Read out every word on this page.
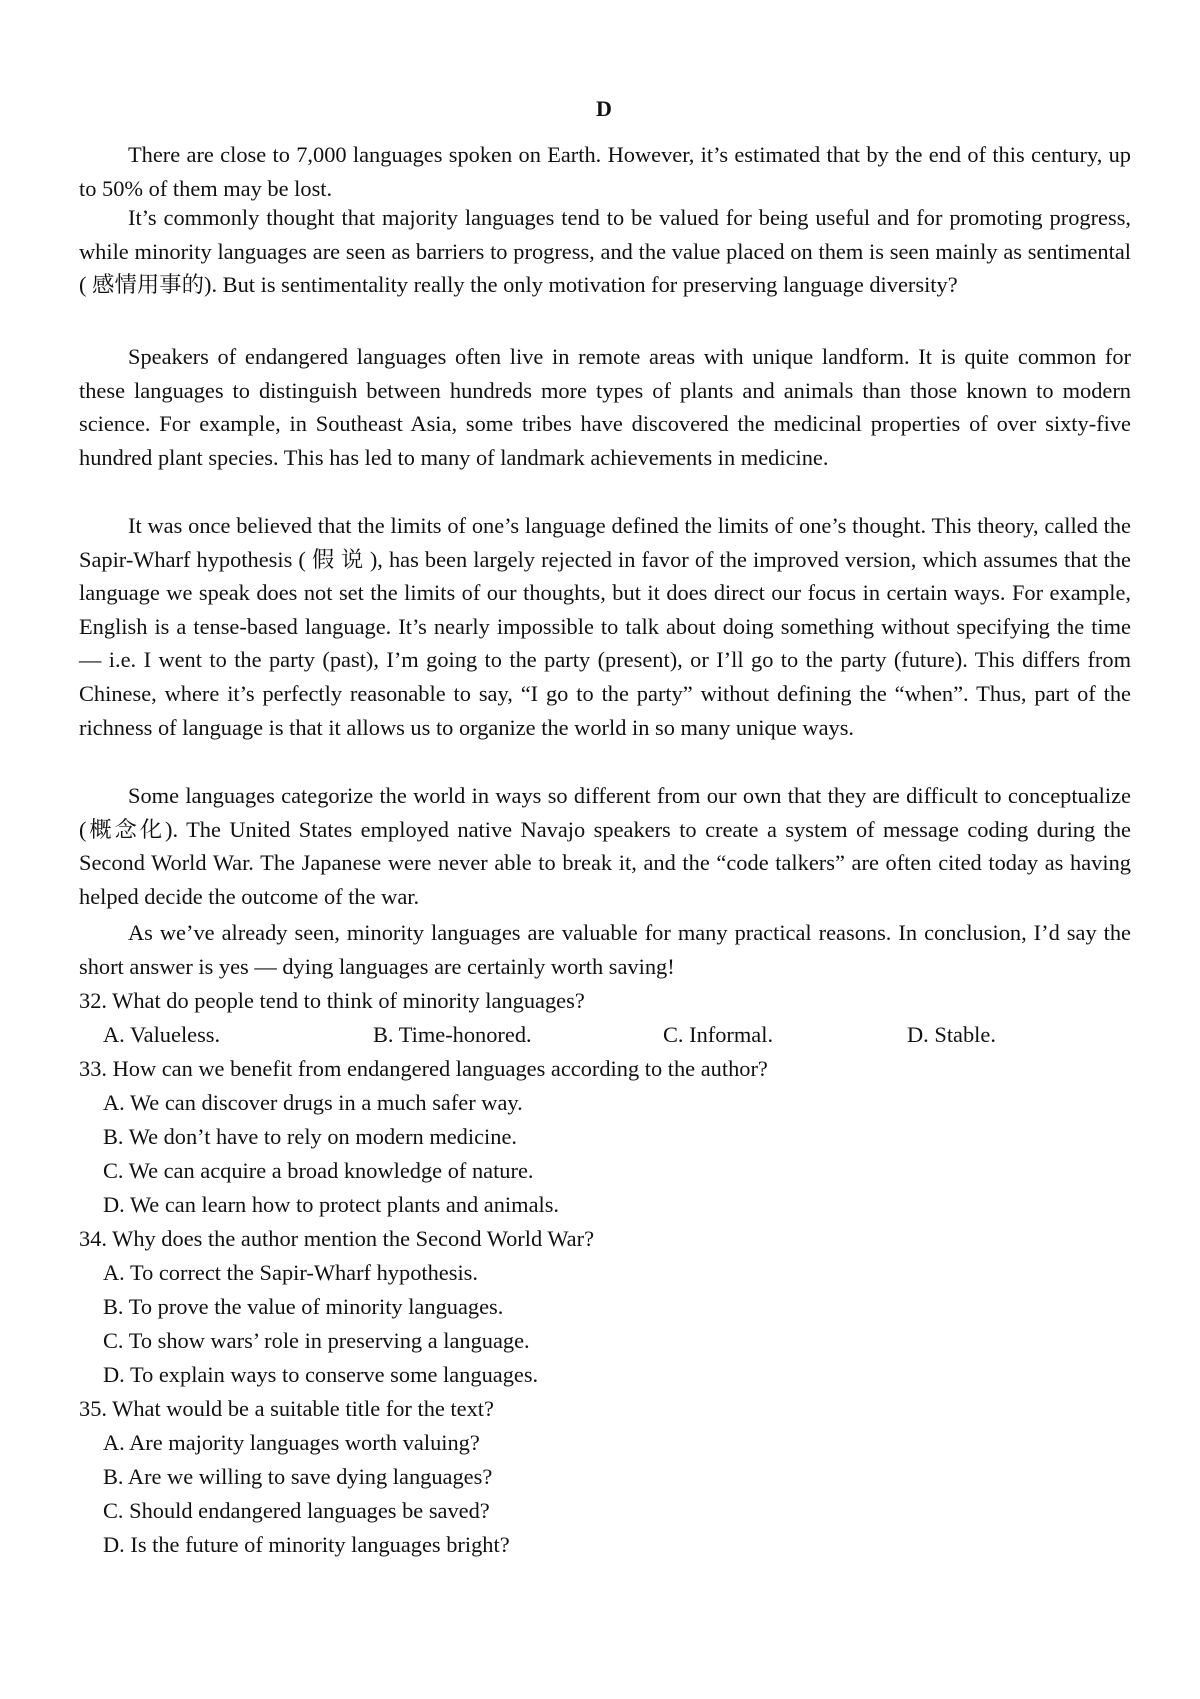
D

There are close to 7,000 languages spoken on Earth. However, it’s estimated that by the end of this century, up to 50% of them may be lost.

It’s commonly thought that majority languages tend to be valued for being useful and for promoting progress, while minority languages are seen as barriers to progress, and the value placed on them is seen mainly as sentimental ( 感情用事的). But is sentimentality really the only motivation for preserving language diversity?

Speakers of endangered languages often live in remote areas with unique landform. It is quite common for these languages to distinguish between hundreds more types of plants and animals than those known to modern science. For example, in Southeast Asia, some tribes have discovered the medicinal properties of over sixty-five hundred plant species. This has led to many of landmark achievements in medicine.

It was once believed that the limits of one’s language defined the limits of one’s thought. This theory, called the Sapir-Wharf hypothesis ( 假 说 ), has been largely rejected in favor of the improved version, which assumes that the language we speak does not set the limits of our thoughts, but it does direct our focus in certain ways. For example, English is a tense-based language. It’s nearly impossible to talk about doing something without specifying the time — i.e. I went to the party (past), I’m going to the party (present), or I’ll go to the party (future). This differs from Chinese, where it’s perfectly reasonable to say, “I go to the party” without defining the “when”. Thus, part of the richness of language is that it allows us to organize the world in so many unique ways.

Some languages categorize the world in ways so different from our own that they are difficult to conceptualize (概念化). The United States employed native Navajo speakers to create a system of message coding during the Second World War. The Japanese were never able to break it, and the “code talkers” are often cited today as having helped decide the outcome of the war.

As we’ve already seen, minority languages are valuable for many practical reasons. In conclusion, I’d say the short answer is yes — dying languages are certainly worth saving!

32. What do people tend to think of minority languages?
A. Valueless.	B. Time-honored.	C. Informal.	D. Stable.
33. How can we benefit from endangered languages according to the author?
A. We can discover drugs in a much safer way.
B. We don’t have to rely on modern medicine.
C. We can acquire a broad knowledge of nature.
D. We can learn how to protect plants and animals.
34. Why does the author mention the Second World War?
A. To correct the Sapir-Wharf hypothesis.
B. To prove the value of minority languages.
C. To show wars’ role in preserving a language.
D. To explain ways to conserve some languages.
35. What would be a suitable title for the text?
A. Are majority languages worth valuing?
B. Are we willing to save dying languages?
C. Should endangered languages be saved?
D. Is the future of minority languages bright?
